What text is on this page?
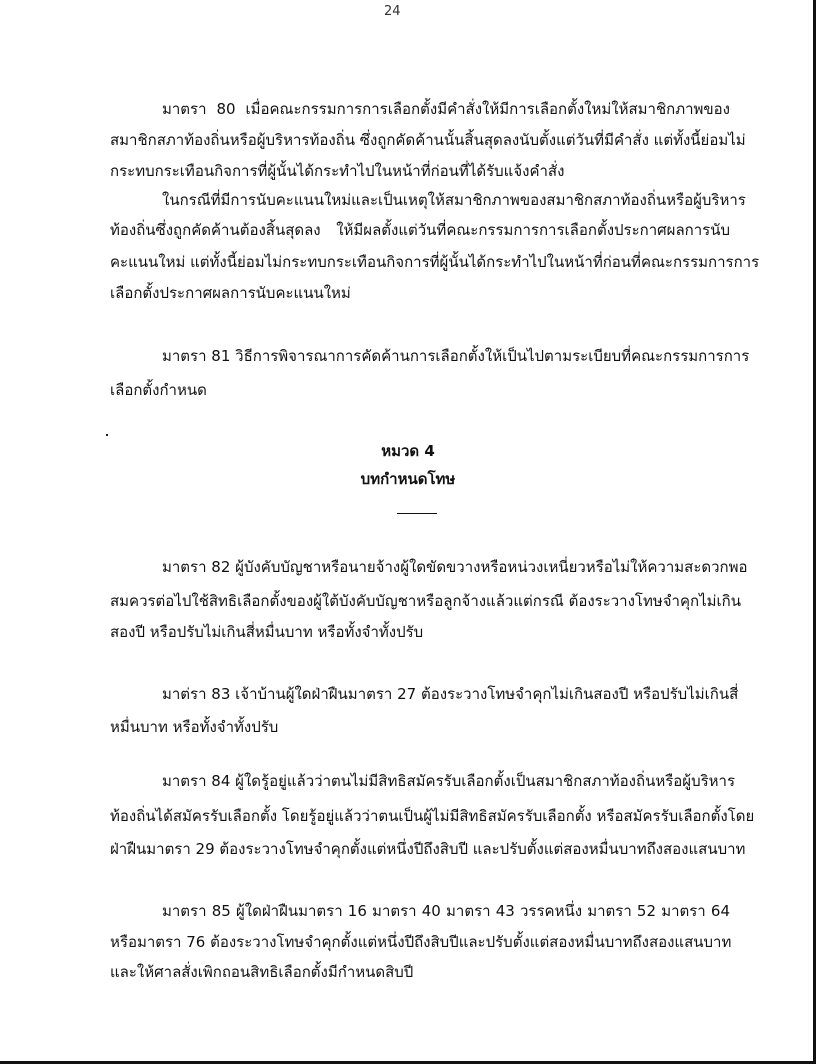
24
มาตรา 80 เมื่อคณะกรรมการการเลือกตั้งมีคำสั่งให้มีการเลือกตั้งใหม่ให้สมาชิกภาพของ
สมาชิกสภาท้องถิ่นหรือผู้บริหารท้องถิ่น ซึ่งถูกคัดค้านนั้นสิ้นสุดลงนับตั้งแต่วันที่มีคำสั่ง แต่ทั้งนี้ย่อมไม่
กระทบกระเทือนกิจการที่ผู้นั้นได้กระทำไปในหน้าที่ก่อนที่ได้รับแจ้งคำสั่ง
ในกรณีที่มีการนับคะแนนใหม่และเป็นเหตุให้สมาชิกภาพของสมาชิกสภาท้องถิ่นหรือผู้บริหาร
ท้องถิ่นซึ่งถูกคัดค้านต้องสิ้นสุดลง ให้มีผลตั้งแต่วันที่คณะกรรมการการเลือกตั้งประกาศผลการนับ
คะแนนใหม่ แต่ทั้งนี้ย่อมไม่กระทบกระเทือนกิจการที่ผู้นั้นได้กระทำไปในหน้าที่ก่อนที่คณะกรรมการการ
เลือกตั้งประกาศผลการนับคะแนนใหม่
มาตรา 81 วิธีการพิจารณาการคัดค้านการเลือกตั้งให้เป็นไปตามระเบียบที่คณะกรรมการการ
เลือกตั้งกำหนด
หมวด 4
บทกำหนดโทษ
มาตรา 82 ผู้บังคับบัญชาหรือนายจ้างผู้ใดขัดขวางหรือหน่วงเหนี่ยวหรือไม่ให้ความสะดวกพอ
สมควรต่อไปใช้สิทธิเลือกตั้งของผู้ใต้บังคับบัญชาหรือลูกจ้างแล้วแต่กรณี ต้องระวางโทษจำคุกไม่เกิน
สองปี หรือปรับไม่เกินสี่หมื่นบาท หรือทั้งจำทั้งปรับ
มาต่รา 83 เจ้าบ้านผู้ใดฝ่าฝืนมาตรา 27 ต้องระวางโทษจำคุกไม่เกินสองปี หรือปรับไม่เกินสี่
หมื่นบาท หรือทั้งจำทั้งปรับ
มาตรา 84 ผู้ใดรู้อยู่แล้วว่าตนไม่มีสิทธิสมัครรับเลือกตั้งเป็นสมาชิกสภาท้องถิ่นหรือผู้บริหาร
ท้องถิ่นได้สมัครรับเลือกตั้ง โดยรู้อยู่แล้วว่าตนเป็นผู้ไม่มีสิทธิสมัครรับเลือกตั้ง หรือสมัครรับเลือกตั้งโดย
ฝ่าฝืนมาตรา 29 ต้องระวางโทษจำคุกตั้งแต่หนึ่งปีถึงสิบปี และปรับตั้งแต่สองหมื่นบาทถึงสองแสนบาท
มาตรา 85 ผู้ใดฝ่าฝืนมาตรา 16 มาตรา 40 มาตรา 43 วรรคหนึ่ง มาตรา 52 มาตรา 64
หรือมาตรา 76 ต้องระวางโทษจำคุกตั้งแต่หนึ่งปีถึงสิบปีและปรับตั้งแต่สองหมื่นบาทถึงสองแสนบาท
และให้ศาลสั่งเพิกถอนสิทธิเลือกตั้งมีกำหนดสิบปี
